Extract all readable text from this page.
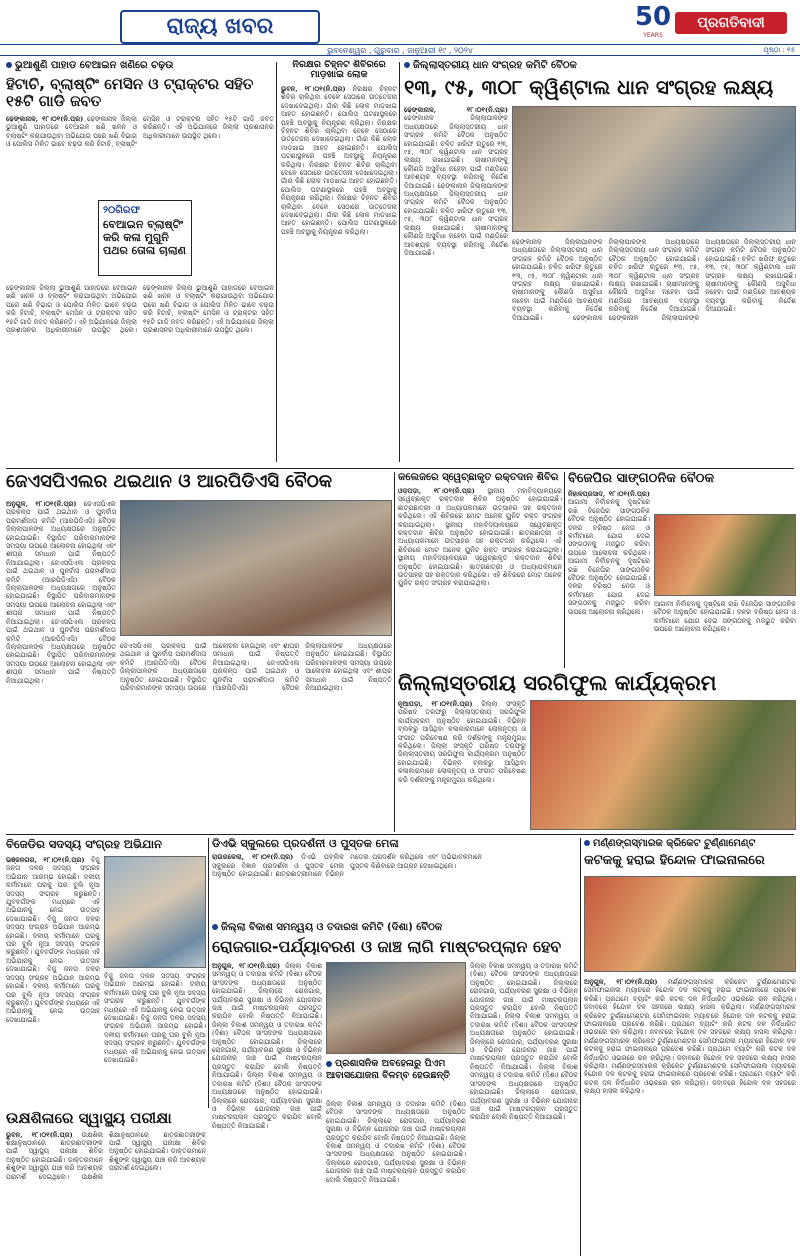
ରାଜ୍ୟ ଖବର
ଭୁବନେଶ୍ୱର , ଗୁରୁବାର , ଜାନୁଆରୀ ୧୯ , ୨୦୨୪
50
YEARS
ପ୍ରଗତିବାଦୀ
ପୃଷ୍ଠା : ୧୫
ଭୁଆଶୁଣି ପାହାଡ ବେଆଇନ ଖଣିରେ ଚଢ଼ଉ
ହିଟାଚି, ବ୍ଲାଷ୍ଟିଂ ମେସିନ ଓ ଟ୍ରାକ୍ଟର ସହିତ ୧୫ଟି ଗାଡି ଜବତ
ଢେଙ୍କାନାଳ, ୧୮।୦୧(ନି.ପ୍ର) ଢେଙ୍କାନାଳ ଜିଲ୍ଲା ଭୁଆଶୁଣି ପାହାଡରେ ବେଆଇନ ଖଣି ଖନନ ଓ ବ୍ଲାଷ୍ଟିଂ କରାଯାଉଥିବା ଅଭିଯୋଗ ପରେ ଖଣି ବିଭାଗ ଓ ପୋଲିସ ମିଳିତ ଭାବେ ଚଢ଼ଉ କରି ହିଟାଚି, ବ୍ଲାଷ୍ଟିଂ ମେସିନ ଓ ଟ୍ରାକ୍ଟର ସହିତ ୧୫ଟି ଗାଡି ଜବତ କରିଛନ୍ତି। ଏହି ଅଭିଯାନରେ ଜିଲ୍ଲା ପ୍ରଶାସନର ଅଧିକାରୀମାନେ ଉପସ୍ଥିତ ଥିଲେ।
୨୦ଗିରଫ
ବେଆଇନ ବ୍ଲାଷ୍ଟିଂ କରି କଳା ମୁଗୁନି ପଥର ତୋଳା ଚାଲାଣ
ଢେଙ୍କାନାଳ ଜିଲ୍ଲା ଭୁଆଶୁଣି ପାହାଡରେ ବେଆଇନ ଖଣି ଖନନ ଓ ବ୍ଲାଷ୍ଟିଂ କରାଯାଉଥିବା ଅଭିଯୋଗ ପରେ ଖଣି ବିଭାଗ ଓ ପୋଲିସ ମିଳିତ ଭାବେ ଚଢ଼ଉ କରି ହିଟାଚି, ବ୍ଲାଷ୍ଟିଂ ମେସିନ ଓ ଟ୍ରାକ୍ଟର ସହିତ ୧୫ଟି ଗାଡି ଜବତ କରିଛନ୍ତି। ଏହି ଅଭିଯାନରେ ଜିଲ୍ଲା ପ୍ରଶାସନର ଅଧିକାରୀମାନେ ଉପସ୍ଥିତ ଥିଲେ। ଢେଙ୍କାନାଳ ଜିଲ୍ଲା ଭୁଆଶୁଣି ପାହାଡରେ ବେଆଇନ ଖଣି ଖନନ ଓ ବ୍ଲାଷ୍ଟିଂ କରାଯାଉଥିବା ଅଭିଯୋଗ ପରେ ଖଣି ବିଭାଗ ଓ ପୋଲିସ ମିଳିତ ଭାବେ ଚଢ଼ଉ କରି ହିଟାଚି, ବ୍ଲାଷ୍ଟିଂ ମେସିନ ଓ ଟ୍ରାକ୍ଟର ସହିତ ୧୫ଟି ଗାଡି ଜବତ କରିଛନ୍ତି। ଏହି ଅଭିଯାନରେ ଜିଲ୍ଲା ପ୍ରଶାସନର ଅଧିକାରୀମାନେ ଉପସ୍ଥିତ ଥିଲେ।
ନିରକ୍ଷର ଚିହ୍ନଟ ଶିବିରରେ ମାଡ଼ଖାଇ ଲୋକ
ଭୁବନ, ୧୮।୦୧(ନି.ପ୍ର) ନିରକ୍ଷର ଚିହ୍ନଟ ଶିବିର ଚାଲିଥିବା ବେଳେ ସେଠାରେ ଉତ୍ତେଜନା ଦେଖାଦେଇଥିଲା। ଗାଁର କିଛି ଲୋକ ମାଡ଼ଖାଇ ଆହତ ହୋଇଛନ୍ତି। ପୋଲିସ ଘଟଣାସ୍ଥଳରେ ପହଞ୍ଚି ଅବସ୍ଥାକୁ ନିୟନ୍ତ୍ରଣ କରିଥିଲା। ନିରକ୍ଷର ଚିହ୍ନଟ ଶିବିର ଚାଲିଥିବା ବେଳେ ସେଠାରେ ଉତ୍ତେଜନା ଦେଖାଦେଇଥିଲା। ଗାଁର କିଛି ଲୋକ ମାଡ଼ଖାଇ ଆହତ ହୋଇଛନ୍ତି। ପୋଲିସ ଘଟଣାସ୍ଥଳରେ ପହଞ୍ଚି ଅବସ୍ଥାକୁ ନିୟନ୍ତ୍ରଣ କରିଥିଲା। ନିରକ୍ଷର ଚିହ୍ନଟ ଶିବିର ଚାଲିଥିବା ବେଳେ ସେଠାରେ ଉତ୍ତେଜନା ଦେଖାଦେଇଥିଲା। ଗାଁର କିଛି ଲୋକ ମାଡ଼ଖାଇ ଆହତ ହୋଇଛନ୍ତି। ପୋଲିସ ଘଟଣାସ୍ଥଳରେ ପହଞ୍ଚି ଅବସ୍ଥାକୁ ନିୟନ୍ତ୍ରଣ କରିଥିଲା। ନିରକ୍ଷର ଚିହ୍ନଟ ଶିବିର ଚାଲିଥିବା ବେଳେ ସେଠାରେ ଉତ୍ତେଜନା ଦେଖାଦେଇଥିଲା। ଗାଁର କିଛି ଲୋକ ମାଡ଼ଖାଇ ଆହତ ହୋଇଛନ୍ତି। ପୋଲିସ ଘଟଣାସ୍ଥଳରେ ପହଞ୍ଚି ଅବସ୍ଥାକୁ ନିୟନ୍ତ୍ରଣ କରିଥିଲା।
ଜିଲ୍ଲାସ୍ତରୀୟ ଧାନ ସଂଗ୍ରହ କମିଟି ବୈଠକ
୧୩, ୯୫, ୩୦୮ କ୍ୱିଣ୍ଟାଲ ଧାନ ସଂଗ୍ରହ ଲକ୍ଷ୍ୟ
ଢେଙ୍କାନାଳ, ୧୮।୦୧(ନି.ପ୍ର) ଢେଙ୍କାନାଳ ଜିଲ୍ଲାପାଳଙ୍କ ଅଧ୍ୟକ୍ଷତାରେ ଜିଲ୍ଲାସ୍ତରୀୟ ଧାନ ସଂଗ୍ରହ କମିଟି ବୈଠକ ଅନୁଷ୍ଠିତ ହୋଇଯାଇଛି। ଚଳିତ ଖରିଫ ଋତୁରେ ୧୩, ୯୫, ୩୦୮ କ୍ୱିଣ୍ଟାଲ ଧାନ ସଂଗ୍ରହ ଲକ୍ଷ୍ୟ ରଖାଯାଇଛି। ଚାଷୀମାନଙ୍କୁ କୌଣସି ଅସୁବିଧା ନହେବା ପାଇଁ ମଣ୍ଡିରେ ଆବଶ୍ୟକ ବ୍ୟବସ୍ଥା କରିବାକୁ ନିର୍ଦ୍ଦେଶ ଦିଆଯାଇଛି। ଢେଙ୍କାନାଳ ଜିଲ୍ଲାପାଳଙ୍କ ଅଧ୍ୟକ୍ଷତାରେ ଜିଲ୍ଲାସ୍ତରୀୟ ଧାନ ସଂଗ୍ରହ କମିଟି ବୈଠକ ଅନୁଷ୍ଠିତ ହୋଇଯାଇଛି। ଚଳିତ ଖରିଫ ଋତୁରେ ୧୩, ୯୫, ୩୦୮ କ୍ୱିଣ୍ଟାଲ ଧାନ ସଂଗ୍ରହ ଲକ୍ଷ୍ୟ ରଖାଯାଇଛି। ଚାଷୀମାନଙ୍କୁ କୌଣସି ଅସୁବିଧା ନହେବା ପାଇଁ ମଣ୍ଡିରେ ଆବଶ୍ୟକ ବ୍ୟବସ୍ଥା କରିବାକୁ ନିର୍ଦ୍ଦେଶ ଦିଆଯାଇଛି।
ଢେଙ୍କାନାଳ ଜିଲ୍ଲାପାଳଙ୍କ ଅଧ୍ୟକ୍ଷତାରେ ଜିଲ୍ଲାସ୍ତରୀୟ ଧାନ ସଂଗ୍ରହ କମିଟି ବୈଠକ ଅନୁଷ୍ଠିତ ହୋଇଯାଇଛି। ଚଳିତ ଖରିଫ ଋତୁରେ ୧୩, ୯୫, ୩୦୮ କ୍ୱିଣ୍ଟାଲ ଧାନ ସଂଗ୍ରହ ଲକ୍ଷ୍ୟ ରଖାଯାଇଛି। ଚାଷୀମାନଙ୍କୁ କୌଣସି ଅସୁବିଧା ନହେବା ପାଇଁ ମଣ୍ଡିରେ ଆବଶ୍ୟକ ବ୍ୟବସ୍ଥା କରିବାକୁ ନିର୍ଦ୍ଦେଶ ଦିଆଯାଇଛି।	ଢେଙ୍କାନାଳ ଜିଲ୍ଲାପାଳଙ୍କ ଅଧ୍ୟକ୍ଷତାରେ ଜିଲ୍ଲାସ୍ତରୀୟ ଧାନ ସଂଗ୍ରହ କମିଟି ବୈଠକ ଅନୁଷ୍ଠିତ ହୋଇଯାଇଛି। ଚଳିତ ଖରିଫ ଋତୁରେ ୧୩, ୯୫, ୩୦୮ କ୍ୱିଣ୍ଟାଲ ଧାନ ସଂଗ୍ରହ ଲକ୍ଷ୍ୟ ରଖାଯାଇଛି। ଚାଷୀମାନଙ୍କୁ କୌଣସି ଅସୁବିଧା ନହେବା ପାଇଁ ମଣ୍ଡିରେ ଆବଶ୍ୟକ ବ୍ୟବସ୍ଥା କରିବାକୁ ନିର୍ଦ୍ଦେଶ ଦିଆଯାଇଛି। ଢେଙ୍କାନାଳ ଜିଲ୍ଲାପାଳଙ୍କ ଅଧ୍ୟକ୍ଷତାରେ ଜିଲ୍ଲାସ୍ତରୀୟ ଧାନ ସଂଗ୍ରହ କମିଟି ବୈଠକ ଅନୁଷ୍ଠିତ ହୋଇଯାଇଛି। ଚଳିତ ଖରିଫ ଋତୁରେ ୧୩, ୯୫, ୩୦୮ କ୍ୱିଣ୍ଟାଲ ଧାନ ସଂଗ୍ରହ ଲକ୍ଷ୍ୟ ରଖାଯାଇଛି। ଚାଷୀମାନଙ୍କୁ କୌଣସି ଅସୁବିଧା ନହେବା ପାଇଁ ମଣ୍ଡିରେ ଆବଶ୍ୟକ ବ୍ୟବସ୍ଥା କରିବାକୁ ନିର୍ଦ୍ଦେଶ ଦିଆଯାଇଛି।
ଜେଏସପିଏଲର ଥଇଥାନ ଓ ଆରପିଡିଏସି ବୈଠକ
ଅନୁଗୁଳ, ୧୮।୦୧(ନି.ପ୍ର) ଜେଏସପିଏଲ ପ୍ରକଳ୍ପ ପାଇଁ ଥଇଥାନ ଓ ପୁନର୍ବାସ ପରାମର୍ଶଦାତା କମିଟି (ଆରପିଡିଏସି) ବୈଠକ ଜିଲ୍ଲାପାଳଙ୍କ ଅଧ୍ୟକ୍ଷତାରେ ଅନୁଷ୍ଠିତ ହୋଇଯାଇଛି। ବିସ୍ଥାପିତ ପରିବାରମାନଙ୍କ ସମସ୍ୟା ଉପରେ ଆଲୋଚନା ହୋଇଥିଲା ଏବଂ ଶୀଘ୍ର ସମାଧାନ ପାଇଁ ନିଷ୍ପତ୍ତି ନିଆଯାଇଥିଲା। ଜେଏସପିଏଲ ପ୍ରକଳ୍ପ ପାଇଁ ଥଇଥାନ ଓ ପୁନର୍ବାସ ପରାମର୍ଶଦାତା କମିଟି (ଆରପିଡିଏସି) ବୈଠକ ଜିଲ୍ଲାପାଳଙ୍କ ଅଧ୍ୟକ୍ଷତାରେ ଅନୁଷ୍ଠିତ ହୋଇଯାଇଛି। ବିସ୍ଥାପିତ ପରିବାରମାନଙ୍କ ସମସ୍ୟା ଉପରେ ଆଲୋଚନା ହୋଇଥିଲା ଏବଂ ଶୀଘ୍ର ସମାଧାନ ପାଇଁ ନିଷ୍ପତ୍ତି ନିଆଯାଇଥିଲା। ଜେଏସପିଏଲ ପ୍ରକଳ୍ପ ପାଇଁ ଥଇଥାନ ଓ ପୁନର୍ବାସ ପରାମର୍ଶଦାତା କମିଟି (ଆରପିଡିଏସି) ବୈଠକ ଜିଲ୍ଲାପାଳଙ୍କ ଅଧ୍ୟକ୍ଷତାରେ ଅନୁଷ୍ଠିତ ହୋଇଯାଇଛି। ବିସ୍ଥାପିତ ପରିବାରମାନଙ୍କ ସମସ୍ୟା ଉପରେ ଆଲୋଚନା ହୋଇଥିଲା ଏବଂ ଶୀଘ୍ର ସମାଧାନ ପାଇଁ ନିଷ୍ପତ୍ତି ନିଆଯାଇଥିଲା।
ଜେଏସପିଏଲ ପ୍ରକଳ୍ପ ପାଇଁ ଥଇଥାନ ଓ ପୁନର୍ବାସ ପରାମର୍ଶଦାତା କମିଟି (ଆରପିଡିଏସି) ବୈଠକ ଜିଲ୍ଲାପାଳଙ୍କ ଅଧ୍ୟକ୍ଷତାରେ ଅନୁଷ୍ଠିତ ହୋଇଯାଇଛି। ବିସ୍ଥାପିତ ପରିବାରମାନଙ୍କ ସମସ୍ୟା ଉପରେ ଆଲୋଚନା ହୋଇଥିଲା ଏବଂ ଶୀଘ୍ର ସମାଧାନ ପାଇଁ ନିଷ୍ପତ୍ତି ନିଆଯାଇଥିଲା।	ଜେଏସପିଏଲ ପ୍ରକଳ୍ପ ପାଇଁ ଥଇଥାନ ଓ ପୁନର୍ବାସ ପରାମର୍ଶଦାତା କମିଟି (ଆରପିଡିଏସି) ବୈଠକ ଜିଲ୍ଲାପାଳଙ୍କ ଅଧ୍ୟକ୍ଷତାରେ ଅନୁଷ୍ଠିତ ହୋଇଯାଇଛି। ବିସ୍ଥାପିତ ପରିବାରମାନଙ୍କ ସମସ୍ୟା ଉପରେ ଆଲୋଚନା ହୋଇଥିଲା ଏବଂ ଶୀଘ୍ର ସମାଧାନ ପାଇଁ ନିଷ୍ପତ୍ତି ନିଆଯାଇଥିଲା।
କଲେଜରେ ସ୍ୱେଚ୍ଛାକୃତ ରକ୍ତଦାନ ଶିବିର
ଓଡ଼ପଡ଼ା, ୧୮।୦୧(ନି.ପ୍ର) ସ୍ଥାନୀୟ ମହାବିଦ୍ୟାଳୟରେ ସ୍ୱେଚ୍ଛାକୃତ ରକ୍ତଦାନ ଶିବିର ଅନୁଷ୍ଠିତ ହୋଇଯାଇଛି। ଛାତ୍ରଛାତ୍ରୀ ଓ ଅଧ୍ୟାପକମାନେ ଉତ୍ସାହର ସହ ରକ୍ତଦାନ କରିଥିଲେ। ଏହି ଶିବିରରେ ମୋଟ ଅନେକ ୟୁନିଟ ରକ୍ତ ସଂଗ୍ରହ କରାଯାଇଥିଲା। ସ୍ଥାନୀୟ ମହାବିଦ୍ୟାଳୟରେ ସ୍ୱେଚ୍ଛାକୃତ ରକ୍ତଦାନ ଶିବିର ଅନୁଷ୍ଠିତ ହୋଇଯାଇଛି। ଛାତ୍ରଛାତ୍ରୀ ଓ ଅଧ୍ୟାପକମାନେ ଉତ୍ସାହର ସହ ରକ୍ତଦାନ କରିଥିଲେ। ଏହି ଶିବିରରେ ମୋଟ ଅନେକ ୟୁନିଟ ରକ୍ତ ସଂଗ୍ରହ କରାଯାଇଥିଲା। ସ୍ଥାନୀୟ ମହାବିଦ୍ୟାଳୟରେ ସ୍ୱେଚ୍ଛାକୃତ ରକ୍ତଦାନ ଶିବିର ଅନୁଷ୍ଠିତ ହୋଇଯାଇଛି। ଛାତ୍ରଛାତ୍ରୀ ଓ ଅଧ୍ୟାପକମାନେ ଉତ୍ସାହର ସହ ରକ୍ତଦାନ କରିଥିଲେ। ଏହି ଶିବିରରେ ମୋଟ ଅନେକ ୟୁନିଟ ରକ୍ତ ସଂଗ୍ରହ କରାଯାଇଥିଲା।
ବିଜେପିର ସାଙ୍ଗଠନିକ ବୈଠକ
ନିହାଳପ୍ରସାଦ, ୧୮।୦୧(ନି.ପ୍ର) ଆଗାମୀ ନିର୍ବାଚନକୁ ଦୃଷ୍ଟିରେ ରଖି ବିଜେପିର ସାଙ୍ଗଠନିକ ବୈଠକ ଅନୁଷ୍ଠିତ ହୋଇଯାଇଛି। ଦଳର ବରିଷ୍ଠ ନେତା ଓ କର୍ମୀମାନେ ଯୋଗ ଦେଇ ସଙ୍ଗଠନକୁ ମଜଭୁତ କରିବା ଉପରେ ଆଲୋଚନା କରିଥିଲେ। ଆଗାମୀ ନିର୍ବାଚନକୁ ଦୃଷ୍ଟିରେ ରଖି ବିଜେପିର ସାଙ୍ଗଠନିକ ବୈଠକ ଅନୁଷ୍ଠିତ ହୋଇଯାଇଛି। ଦଳର ବରିଷ୍ଠ ନେତା ଓ କର୍ମୀମାନେ ଯୋଗ ଦେଇ ସଙ୍ଗଠନକୁ ମଜଭୁତ କରିବା ଉପରେ ଆଲୋଚନା କରିଥିଲେ।
ଆଗାମୀ ନିର୍ବାଚନକୁ ଦୃଷ୍ଟିରେ ରଖି ବିଜେପିର ସାଙ୍ଗଠନିକ ବୈଠକ ଅନୁଷ୍ଠିତ ହୋଇଯାଇଛି। ଦଳର ବରିଷ୍ଠ ନେତା ଓ କର୍ମୀମାନେ ଯୋଗ ଦେଇ ସଙ୍ଗଠନକୁ ମଜଭୁତ କରିବା ଉପରେ ଆଲୋଚନା କରିଥିଲେ।
ଜିଲ୍ଲାସ୍ତରୀୟ ସରଗିଫୁଲ କାର୍ଯ୍ୟକ୍ରମ
ନୂଆପଡ଼ା, ୧୮।୦୧(ନି.ପ୍ର) ଜିଲ୍ଲା ସଂସ୍କୃତି ପରିଷଦ ତରଫରୁ ଜିଲ୍ଲାସ୍ତରୀୟ ସରଗିଫୁଲ କାର୍ଯ୍ୟକ୍ରମ ଅନୁଷ୍ଠିତ ହୋଇଯାଇଛି। ବିଭିନ୍ନ ବ୍ଲକରୁ ଆସିଥିବା କଳାକାରମାନେ ଲୋକନୃତ୍ୟ ଓ ସଂଗୀତ ପରିବେଷଣ କରି ଦର୍ଶକଙ୍କୁ ମନ୍ତ୍ରମୁଗ୍ଧ କରିଥିଲେ। ଜିଲ୍ଲା ସଂସ୍କୃତି ପରିଷଦ ତରଫରୁ ଜିଲ୍ଲାସ୍ତରୀୟ ସରଗିଫୁଲ କାର୍ଯ୍ୟକ୍ରମ ଅନୁଷ୍ଠିତ ହୋଇଯାଇଛି। ବିଭିନ୍ନ ବ୍ଲକରୁ ଆସିଥିବା କଳାକାରମାନେ ଲୋକନୃତ୍ୟ ଓ ସଂଗୀତ ପରିବେଷଣ କରି ଦର୍ଶକଙ୍କୁ ମନ୍ତ୍ରମୁଗ୍ଧ କରିଥିଲେ।
ବିଜେଡିର ସଦସ୍ୟ ସଂଗ୍ରହ ଅଭିଯାନ
ଭଞ୍ଜନଗର, ୧୮।୦୧(ନି.ପ୍ର) ବିଜୁ ଜନତା ଦଳର ସଦସ୍ୟ ସଂଗ୍ରହ ଅଭିଯାନ ଆରମ୍ଭ ହୋଇଛି। ଦଳୀୟ କର୍ମୀମାନେ ଘରକୁ ଘର ବୁଲି ନୂଆ ସଦସ୍ୟ ସଂଗ୍ରହ କରୁଛନ୍ତି। ଯୁବବର୍ଗଙ୍କ ମଧ୍ୟରେ ଏହି ଅଭିଯାନକୁ ନେଇ ଉତ୍ସାହ ଦେଖାଯାଇଛି। ବିଜୁ ଜନତା ଦଳର ସଦସ୍ୟ ସଂଗ୍ରହ ଅଭିଯାନ ଆରମ୍ଭ ହୋଇଛି। ଦଳୀୟ କର୍ମୀମାନେ ଘରକୁ ଘର ବୁଲି ନୂଆ ସଦସ୍ୟ ସଂଗ୍ରହ କରୁଛନ୍ତି। ଯୁବବର୍ଗଙ୍କ ମଧ୍ୟରେ ଏହି ଅଭିଯାନକୁ ନେଇ ଉତ୍ସାହ ଦେଖାଯାଇଛି। ବିଜୁ ଜନତା ଦଳର ସଦସ୍ୟ ସଂଗ୍ରହ ଅଭିଯାନ ଆରମ୍ଭ ହୋଇଛି। ଦଳୀୟ କର୍ମୀମାନେ ଘରକୁ ଘର ବୁଲି ନୂଆ ସଦସ୍ୟ ସଂଗ୍ରହ କରୁଛନ୍ତି। ଯୁବବର୍ଗଙ୍କ ମଧ୍ୟରେ ଏହି ଅଭିଯାନକୁ ନେଇ ଉତ୍ସାହ ଦେଖାଯାଇଛି।
ବିଜୁ ଜନତା ଦଳର ସଦସ୍ୟ ସଂଗ୍ରହ ଅଭିଯାନ ଆରମ୍ଭ ହୋଇଛି। ଦଳୀୟ କର୍ମୀମାନେ ଘରକୁ ଘର ବୁଲି ନୂଆ ସଦସ୍ୟ ସଂଗ୍ରହ କରୁଛନ୍ତି। ଯୁବବର୍ଗଙ୍କ ମଧ୍ୟରେ ଏହି ଅଭିଯାନକୁ ନେଇ ଉତ୍ସାହ ଦେଖାଯାଇଛି। ବିଜୁ ଜନତା ଦଳର ସଦସ୍ୟ ସଂଗ୍ରହ ଅଭିଯାନ ଆରମ୍ଭ ହୋଇଛି। ଦଳୀୟ କର୍ମୀମାନେ ଘରକୁ ଘର ବୁଲି ନୂଆ ସଦସ୍ୟ ସଂଗ୍ରହ କରୁଛନ୍ତି। ଯୁବବର୍ଗଙ୍କ ମଧ୍ୟରେ ଏହି ଅଭିଯାନକୁ ନେଇ ଉତ୍ସାହ ଦେଖାଯାଇଛି।
ଡିଏଭି ସ୍କୁଲରେ ପ୍ରଦର୍ଶନୀ ଓ ପୁସ୍ତକ ମେଳା
ରାଉରକେଲା, ୧୮।୦୧(ନି.ପ୍ର) ଡିଏଭି ପବ୍ଲିକ ସ୍କୁଲରେ ବିଜ୍ଞାନ ପ୍ରଦର୍ଶନୀ ଓ ପୁସ୍ତକ ମେଳା ଅନୁଷ୍ଠିତ ହୋଇଯାଇଛି। ଛାତ୍ରଛାତ୍ରୀମାନେ ବିଭିନ୍ନ ମଡେଲ ପ୍ରଦର୍ଶନ କରିଥିଲେ ଏବଂ ଅଭିଭାବକମାନେ ପୁସ୍ତକ କିଣିବାରେ ଆଗ୍ରହ ଦେଖାଇଥିଲେ।
ଜିଲ୍ଲା ବିକାଶ ସମନ୍ୱୟ ଓ ତଦାରଖ କମିଟି (ଦିଶା) ବୈଠକ
ରୋଜଗାର-ପର୍ଯ୍ୟାବରଣ ଓ ଜାଞ୍ଚ ଲାଗି ମାଷ୍ଟରପ୍ଲାନ ହେବ
ଅନୁଗୁଳ, ୧୮।୦୧(ନି.ପ୍ର) ଜିଲ୍ଲା ବିକାଶ ସମନ୍ୱୟ ଓ ତଦାରଖ କମିଟି (ଦିଶା) ବୈଠକ ସାଂସଦଙ୍କ ଅଧ୍ୟକ୍ଷତାରେ ଅନୁଷ୍ଠିତ ହୋଇଯାଇଛି। ଜିଲ୍ଲାରେ ରୋଜଗାର, ପର୍ଯ୍ୟାବରଣ ସୁରକ୍ଷା ଓ ବିଭିନ୍ନ ଯୋଜନାର ଜାଞ୍ଚ ପାଇଁ ମାଷ୍ଟରପ୍ଲାନ ପ୍ରସ୍ତୁତ କରାଯିବ ବୋଲି ନିଷ୍ପତ୍ତି ନିଆଯାଇଛି। ଜିଲ୍ଲା ବିକାଶ ସମନ୍ୱୟ ଓ ତଦାରଖ କମିଟି (ଦିଶା) ବୈଠକ ସାଂସଦଙ୍କ ଅଧ୍ୟକ୍ଷତାରେ ଅନୁଷ୍ଠିତ ହୋଇଯାଇଛି। ଜିଲ୍ଲାରେ ରୋଜଗାର, ପର୍ଯ୍ୟାବରଣ ସୁରକ୍ଷା ଓ ବିଭିନ୍ନ ଯୋଜନାର ଜାଞ୍ଚ ପାଇଁ ମାଷ୍ଟରପ୍ଲାନ ପ୍ରସ୍ତୁତ କରାଯିବ ବୋଲି ନିଷ୍ପତ୍ତି ନିଆଯାଇଛି। ଜିଲ୍ଲା ବିକାଶ ସମନ୍ୱୟ ଓ ତଦାରଖ କମିଟି (ଦିଶା) ବୈଠକ ସାଂସଦଙ୍କ ଅଧ୍ୟକ୍ଷତାରେ ଅନୁଷ୍ଠିତ ହୋଇଯାଇଛି। ଜିଲ୍ଲାରେ ରୋଜଗାର, ପର୍ଯ୍ୟାବରଣ ସୁରକ୍ଷା ଓ ବିଭିନ୍ନ ଯୋଜନାର ଜାଞ୍ଚ ପାଇଁ ମାଷ୍ଟରପ୍ଲାନ ପ୍ରସ୍ତୁତ କରାଯିବ ବୋଲି ନିଷ୍ପତ୍ତି ନିଆଯାଇଛି।
ପ୍ରଶାସନିକ ଅବହେଳାରୁ ପିଏମ ଆବାସଯୋଜନା ବିଳମ୍ବ ହେଉଛନ୍ତି
ଜିଲ୍ଲା ବିକାଶ ସମନ୍ୱୟ ଓ ତଦାରଖ କମିଟି (ଦିଶା) ବୈଠକ ସାଂସଦଙ୍କ ଅଧ୍ୟକ୍ଷତାରେ ଅନୁଷ୍ଠିତ ହୋଇଯାଇଛି। ଜିଲ୍ଲାରେ ରୋଜଗାର, ପର୍ଯ୍ୟାବରଣ ସୁରକ୍ଷା ଓ ବିଭିନ୍ନ ଯୋଜନାର ଜାଞ୍ଚ ପାଇଁ ମାଷ୍ଟରପ୍ଲାନ ପ୍ରସ୍ତୁତ କରାଯିବ ବୋଲି ନିଷ୍ପତ୍ତି ନିଆଯାଇଛି। ଜିଲ୍ଲା ବିକାଶ ସମନ୍ୱୟ ଓ ତଦାରଖ କମିଟି (ଦିଶା) ବୈଠକ ସାଂସଦଙ୍କ ଅଧ୍ୟକ୍ଷତାରେ ଅନୁଷ୍ଠିତ ହୋଇଯାଇଛି। ଜିଲ୍ଲାରେ ରୋଜଗାର, ପର୍ଯ୍ୟାବରଣ ସୁରକ୍ଷା ଓ ବିଭିନ୍ନ ଯୋଜନାର ଜାଞ୍ଚ ପାଇଁ ମାଷ୍ଟରପ୍ଲାନ ପ୍ରସ୍ତୁତ କରାଯିବ ବୋଲି ନିଷ୍ପତ୍ତି ନିଆଯାଇଛି।
ଜିଲ୍ଲା ବିକାଶ ସମନ୍ୱୟ ଓ ତଦାରଖ କମିଟି (ଦିଶା) ବୈଠକ ସାଂସଦଙ୍କ ଅଧ୍ୟକ୍ଷତାରେ ଅନୁଷ୍ଠିତ ହୋଇଯାଇଛି। ଜିଲ୍ଲାରେ ରୋଜଗାର, ପର୍ଯ୍ୟାବରଣ ସୁରକ୍ଷା ଓ ବିଭିନ୍ନ ଯୋଜନାର ଜାଞ୍ଚ ପାଇଁ ମାଷ୍ଟରପ୍ଲାନ ପ୍ରସ୍ତୁତ କରାଯିବ ବୋଲି ନିଷ୍ପତ୍ତି ନିଆଯାଇଛି। ଜିଲ୍ଲା ବିକାଶ ସମନ୍ୱୟ ଓ ତଦାରଖ କମିଟି (ଦିଶା) ବୈଠକ ସାଂସଦଙ୍କ ଅଧ୍ୟକ୍ଷତାରେ ଅନୁଷ୍ଠିତ ହୋଇଯାଇଛି। ଜିଲ୍ଲାରେ ରୋଜଗାର, ପର୍ଯ୍ୟାବରଣ ସୁରକ୍ଷା ଓ ବିଭିନ୍ନ ଯୋଜନାର ଜାଞ୍ଚ ପାଇଁ ମାଷ୍ଟରପ୍ଲାନ ପ୍ରସ୍ତୁତ କରାଯିବ ବୋଲି ନିଷ୍ପତ୍ତି ନିଆଯାଇଛି। ଜିଲ୍ଲା ବିକାଶ ସମନ୍ୱୟ ଓ ତଦାରଖ କମିଟି (ଦିଶା) ବୈଠକ ସାଂସଦଙ୍କ ଅଧ୍ୟକ୍ଷତାରେ ଅନୁଷ୍ଠିତ ହୋଇଯାଇଛି। ଜିଲ୍ଲାରେ ରୋଜଗାର, ପର୍ଯ୍ୟାବରଣ ସୁରକ୍ଷା ଓ ବିଭିନ୍ନ ଯୋଜନାର ଜାଞ୍ଚ ପାଇଁ ମାଷ୍ଟରପ୍ଲାନ ପ୍ରସ୍ତୁତ କରାଯିବ ବୋଲି ନିଷ୍ପତ୍ତି ନିଆଯାଇଛି।
ମର୍ଣ୍ଣଙ୍ଗସ୍ମାରକ କ୍ରିକେଟ ଟୁର୍ଣ୍ଣାମେଣ୍ଟ
କଟକକୁ ହରାଇ ହିନ୍ଦୋଳ ଫାଇନାଲରେ
ଅନୁଗୁଳ, ୧୮।୦୧(ନି.ପ୍ର) ମର୍ଣ୍ଣଙ୍ଗସ୍ମାରକ କ୍ରିକେଟ ଟୁର୍ଣ୍ଣାମେଣ୍ଟର ସେମିଫାଇନାଲ ମ୍ୟାଚରେ ହିନ୍ଦୋଳ ଦଳ କଟକକୁ ହରାଇ ଫାଇନାଲରେ ପ୍ରବେଶ କରିଛି। ପ୍ରଥମେ ବ୍ୟାଟିଂ କରି କଟକ ଦଳ ନିର୍ଦ୍ଧାରିତ ଓଭରରେ ରନ କରିଥିଲା। ଜବାବରେ ହିନ୍ଦୋଳ ଦଳ ସହଜରେ ଲକ୍ଷ୍ୟ ହାସଲ କରିଥିଲା। ମର୍ଣ୍ଣଙ୍ଗସ୍ମାରକ କ୍ରିକେଟ ଟୁର୍ଣ୍ଣାମେଣ୍ଟର ସେମିଫାଇନାଲ ମ୍ୟାଚରେ ହିନ୍ଦୋଳ ଦଳ କଟକକୁ ହରାଇ ଫାଇନାଲରେ ପ୍ରବେଶ କରିଛି। ପ୍ରଥମେ ବ୍ୟାଟିଂ କରି କଟକ ଦଳ ନିର୍ଦ୍ଧାରିତ ଓଭରରେ ରନ କରିଥିଲା। ଜବାବରେ ହିନ୍ଦୋଳ ଦଳ ସହଜରେ ଲକ୍ଷ୍ୟ ହାସଲ କରିଥିଲା। ମର୍ଣ୍ଣଙ୍ଗସ୍ମାରକ କ୍ରିକେଟ ଟୁର୍ଣ୍ଣାମେଣ୍ଟର ସେମିଫାଇନାଲ ମ୍ୟାଚରେ ହିନ୍ଦୋଳ ଦଳ କଟକକୁ ହରାଇ ଫାଇନାଲରେ ପ୍ରବେଶ କରିଛି। ପ୍ରଥମେ ବ୍ୟାଟିଂ କରି କଟକ ଦଳ ନିର୍ଦ୍ଧାରିତ ଓଭରରେ ରନ କରିଥିଲା। ଜବାବରେ ହିନ୍ଦୋଳ ଦଳ ସହଜରେ ଲକ୍ଷ୍ୟ ହାସଲ କରିଥିଲା। ମର୍ଣ୍ଣଙ୍ଗସ୍ମାରକ କ୍ରିକେଟ ଟୁର୍ଣ୍ଣାମେଣ୍ଟର ସେମିଫାଇନାଲ ମ୍ୟାଚରେ ହିନ୍ଦୋଳ ଦଳ କଟକକୁ ହରାଇ ଫାଇନାଲରେ ପ୍ରବେଶ କରିଛି। ପ୍ରଥମେ ବ୍ୟାଟିଂ କରି କଟକ ଦଳ ନିର୍ଦ୍ଧାରିତ ଓଭରରେ ରନ କରିଥିଲା। ଜବାବରେ ହିନ୍ଦୋଳ ଦଳ ସହଜରେ ଲକ୍ଷ୍ୟ ହାସଲ କରିଥିଲା।
ଉକ୍ଷଶିଳାରେ ସ୍ୱାସ୍ଥ୍ୟ ପରୀକ୍ଷା
ଭୁବନ, ୧୮।୦୧(ନି.ପ୍ର) ଉକ୍ଷଶିଳା ଶିକ୍ଷାନୁଷ୍ଠାନରେ ଛାତ୍ରଛାତ୍ରୀଙ୍କ ପାଇଁ ସ୍ୱାସ୍ଥ୍ୟ ପରୀକ୍ଷା ଶିବିର ଅନୁଷ୍ଠିତ ହୋଇଯାଇଛି। ଡାକ୍ତରମାନେ ଶିଶୁଙ୍କ ସ୍ୱାସ୍ଥ୍ୟ ଯାଞ୍ଚ କରି ଆବଶ୍ୟକ ପରାମର୍ଶ ଦେଇଥିଲେ। ଉକ୍ଷଶିଳା ଶିକ୍ଷାନୁଷ୍ଠାନରେ ଛାତ୍ରଛାତ୍ରୀଙ୍କ ପାଇଁ ସ୍ୱାସ୍ଥ୍ୟ ପରୀକ୍ଷା ଶିବିର ଅନୁଷ୍ଠିତ ହୋଇଯାଇଛି। ଡାକ୍ତରମାନେ ଶିଶୁଙ୍କ ସ୍ୱାସ୍ଥ୍ୟ ଯାଞ୍ଚ କରି ଆବଶ୍ୟକ ପରାମର୍ଶ ଦେଇଥିଲେ।
